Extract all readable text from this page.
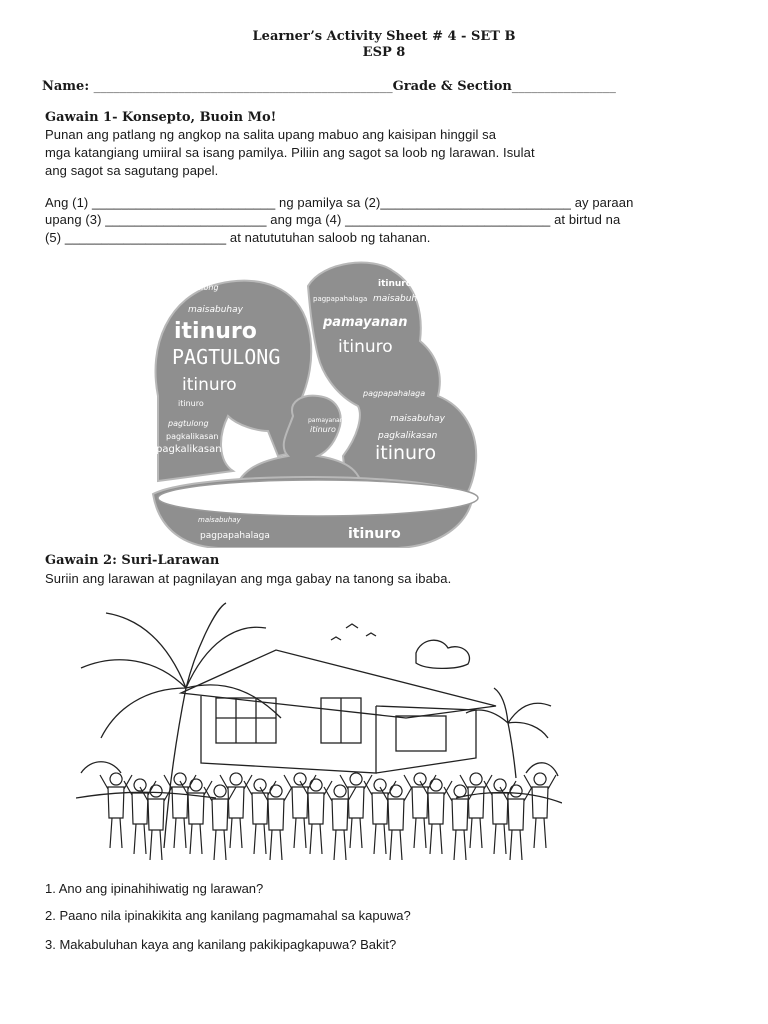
Learner’s Activity Sheet # 4 - SET B
ESP 8
Name: ______________________________________________Grade & Section________________
Gawain 1- Konsepto, Buoin Mo!
Punan ang patlang ng angkop na salita upang mabuo ang kaisipan hinggil sa
mga katangiang umiiral sa isang pamilya. Piliin ang sagot sa loob ng larawan. Isulat
ang sagot sa sagutang papel.
Ang (1) _________________________ ng pamilya sa (2)__________________________ ay paraan
upang (3) ______________________ ang mga (4) ____________________________ at birtud na
(5) ______________________ at natututuhan saloob ng tahanan.
itinuro
PAGTULONG
itinuro
pamayanan
itinuro
maisabuhay
pagpapahalaga
pagkalikasan	itinuro
pagtulong	maisabuhay
pagkalikasan
itinuro
pagpapahalaga
itinuro
pamayanan
pagtulong
maisabuhay
itinuro
pagkalikasan
maisabuhay
pagpapahalaga	itinuro
Gawain 2: Suri-Larawan
Suriin ang larawan at pagnilayan ang mga gabay na tanong sa ibaba.
1. Ano ang ipinahihiwatig ng larawan?
2. Paano nila ipinakikita ang kanilang pagmamahal sa kapuwa?
3. Makabuluhan kaya ang kanilang pakikipagkapuwa? Bakit?
